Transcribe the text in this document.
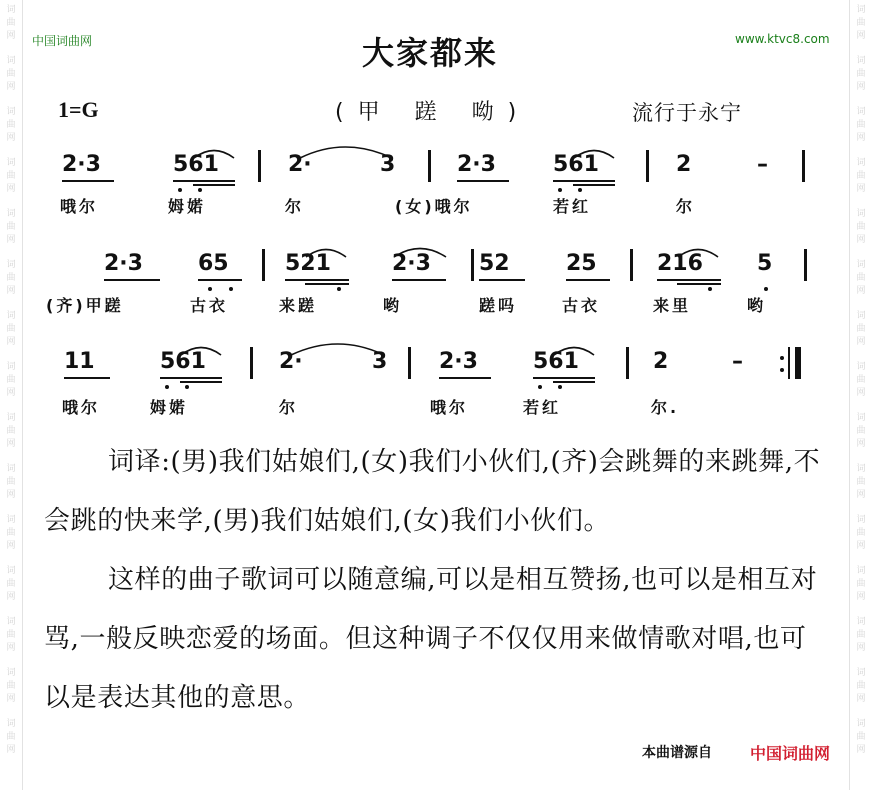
词
曲
网
词
曲
网
词
曲
网
词
曲
网
词
曲
网
词
曲
网
词
曲
网
词
曲
网
词
曲
网
词
曲
网
词
曲
网
词
曲
网
词
曲
网
词
曲
网
词
曲
网
词
曲
网
词
曲
网
词
曲
网
词
曲
网
词
曲
网
词
曲
网
词
曲
网
词
曲
网
词
曲
网
词
曲
网
词
曲
网
词
曲
网
词
曲
网
词
曲
网
词
曲
网
中国词曲网	www.ktvc8.com
大家都来
1=G	(甲 蹉 呦)	流行于永宁
2·3	561	2·	3	2·3	561	2	–
哦尔	姆婼	尔	(女)哦尔	若红	尔
2·3	65	521	2·3 52	25	216 5
(齐)甲蹉	古衣	来蹉	哟	蹉吗	古衣	来里	哟
11	561	2·	3 2·3	561	2	–
哦尔	姆婼	尔	哦尔	若红	尔.
词译:(男)我们姑娘们,(女)我们小伙们,(齐)会跳舞的来跳舞,不会跳的快来学,(男)我们姑娘们,(女)我们小伙们。
这样的曲子歌词可以随意编,可以是相互赞扬,也可以是相互对骂,一般反映恋爱的场面。但这种调子不仅仅用来做情歌对唱,也可以是表达其他的意思。
本曲谱源自 中国词曲网
